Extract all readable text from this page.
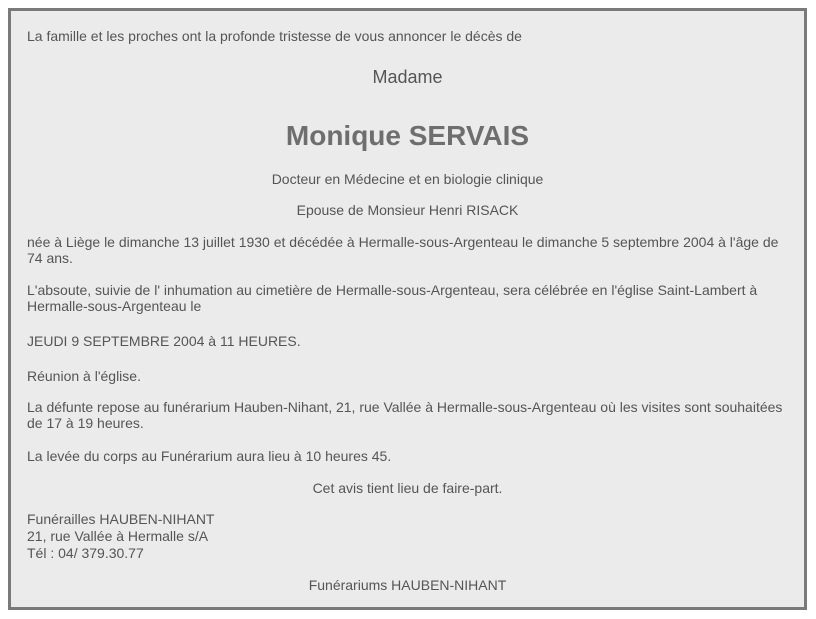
La famille et les proches ont la profonde tristesse de vous annoncer le décès de

Madame

Monique SERVAIS

Docteur en Médecine et en biologie clinique

Epouse de Monsieur Henri RISACK

née à Liège le dimanche 13 juillet 1930 et décédée à Hermalle-sous-Argenteau le dimanche 5 septembre 2004 à l'âge de 74 ans.

L'absoute, suivie de l' inhumation au cimetière de Hermalle-sous-Argenteau, sera célébrée en l'église Saint-Lambert à Hermalle-sous-Argenteau le

JEUDI 9 SEPTEMBRE 2004 à 11 HEURES.

Réunion à l'église.

La défunte repose au funérarium Hauben-Nihant, 21, rue Vallée à Hermalle-sous-Argenteau où les visites sont souhaitées de 17 à 19 heures.

La levée du corps au Funérarium aura lieu à 10 heures 45.

Cet avis tient lieu de faire-part.

Funérailles HAUBEN-NIHANT

21, rue Vallée à Hermalle s/A

Tél : 04/ 379.30.77

Funérariums HAUBEN-NIHANT
